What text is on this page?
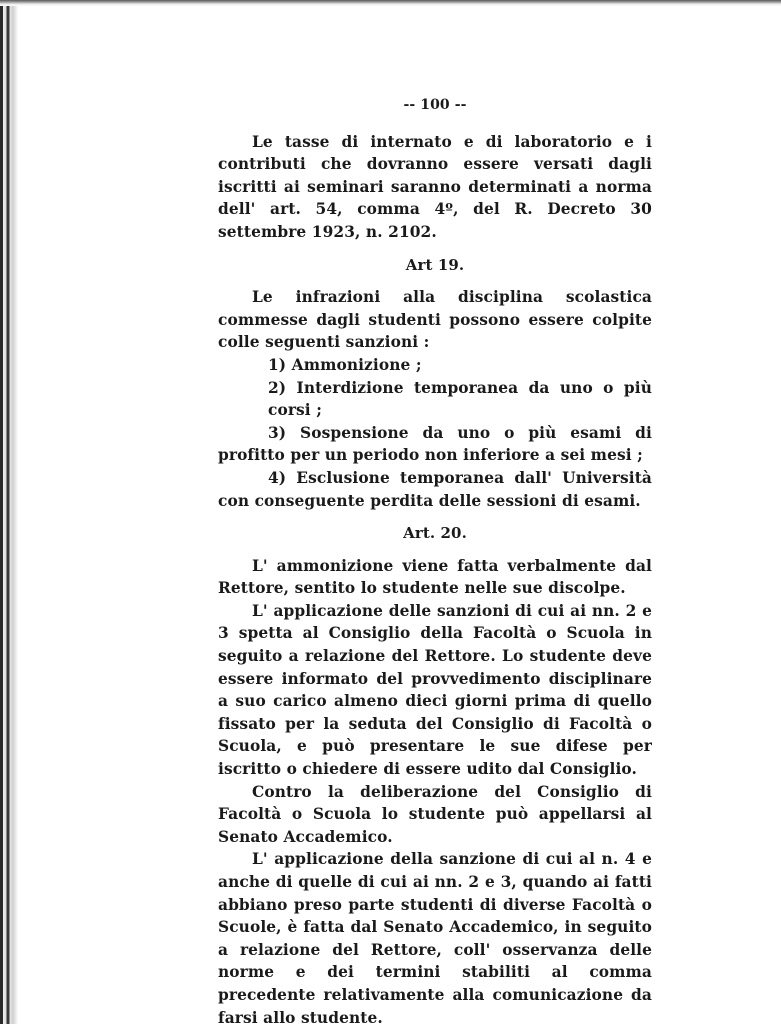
-- 100 --

Le tasse di internato e di laboratorio e i contributi che dovranno essere versati dagli iscritti ai seminari saranno determinati a norma dell' art. 54, comma 4º, del R. Decreto 30 settembre 1923, n. 2102.

Art 19.

Le infrazioni alla disciplina scolastica commesse dagli studenti possono essere colpite colle seguenti sanzioni :

1) Ammonizione ;

2) Interdizione temporanea da uno o più corsi ;

3) Sospensione da uno o più esami di profitto per un periodo non inferiore a sei mesi ;

4) Esclusione temporanea dall' Università con conseguente perdita delle sessioni di esami.

Art. 20.

L' ammonizione viene fatta verbalmente dal Rettore, sentito lo studente nelle sue discolpe.

L' applicazione delle sanzioni di cui ai nn. 2 e 3 spetta al Consiglio della Facoltà o Scuola in seguito a relazione del Rettore. Lo studente deve essere informato del provvedimento disciplinare a suo carico almeno dieci giorni prima di quello fissato per la seduta del Consiglio di Facoltà o Scuola, e può presentare le sue difese per iscritto o chiedere di essere udito dal Consiglio.

Contro la deliberazione del Consiglio di Facoltà o Scuola lo studente può appellarsi al Senato Accademico.

L' applicazione della sanzione di cui al n. 4 e anche di quelle di cui ai nn. 2 e 3, quando ai fatti abbiano preso parte studenti di diverse Facoltà o Scuole, è fatta dal Senato Accademico, in seguito a relazione del Rettore, coll' osservanza delle norme e dei termini stabiliti al comma precedente relativamente alla comunicazione da farsi allo studente.
